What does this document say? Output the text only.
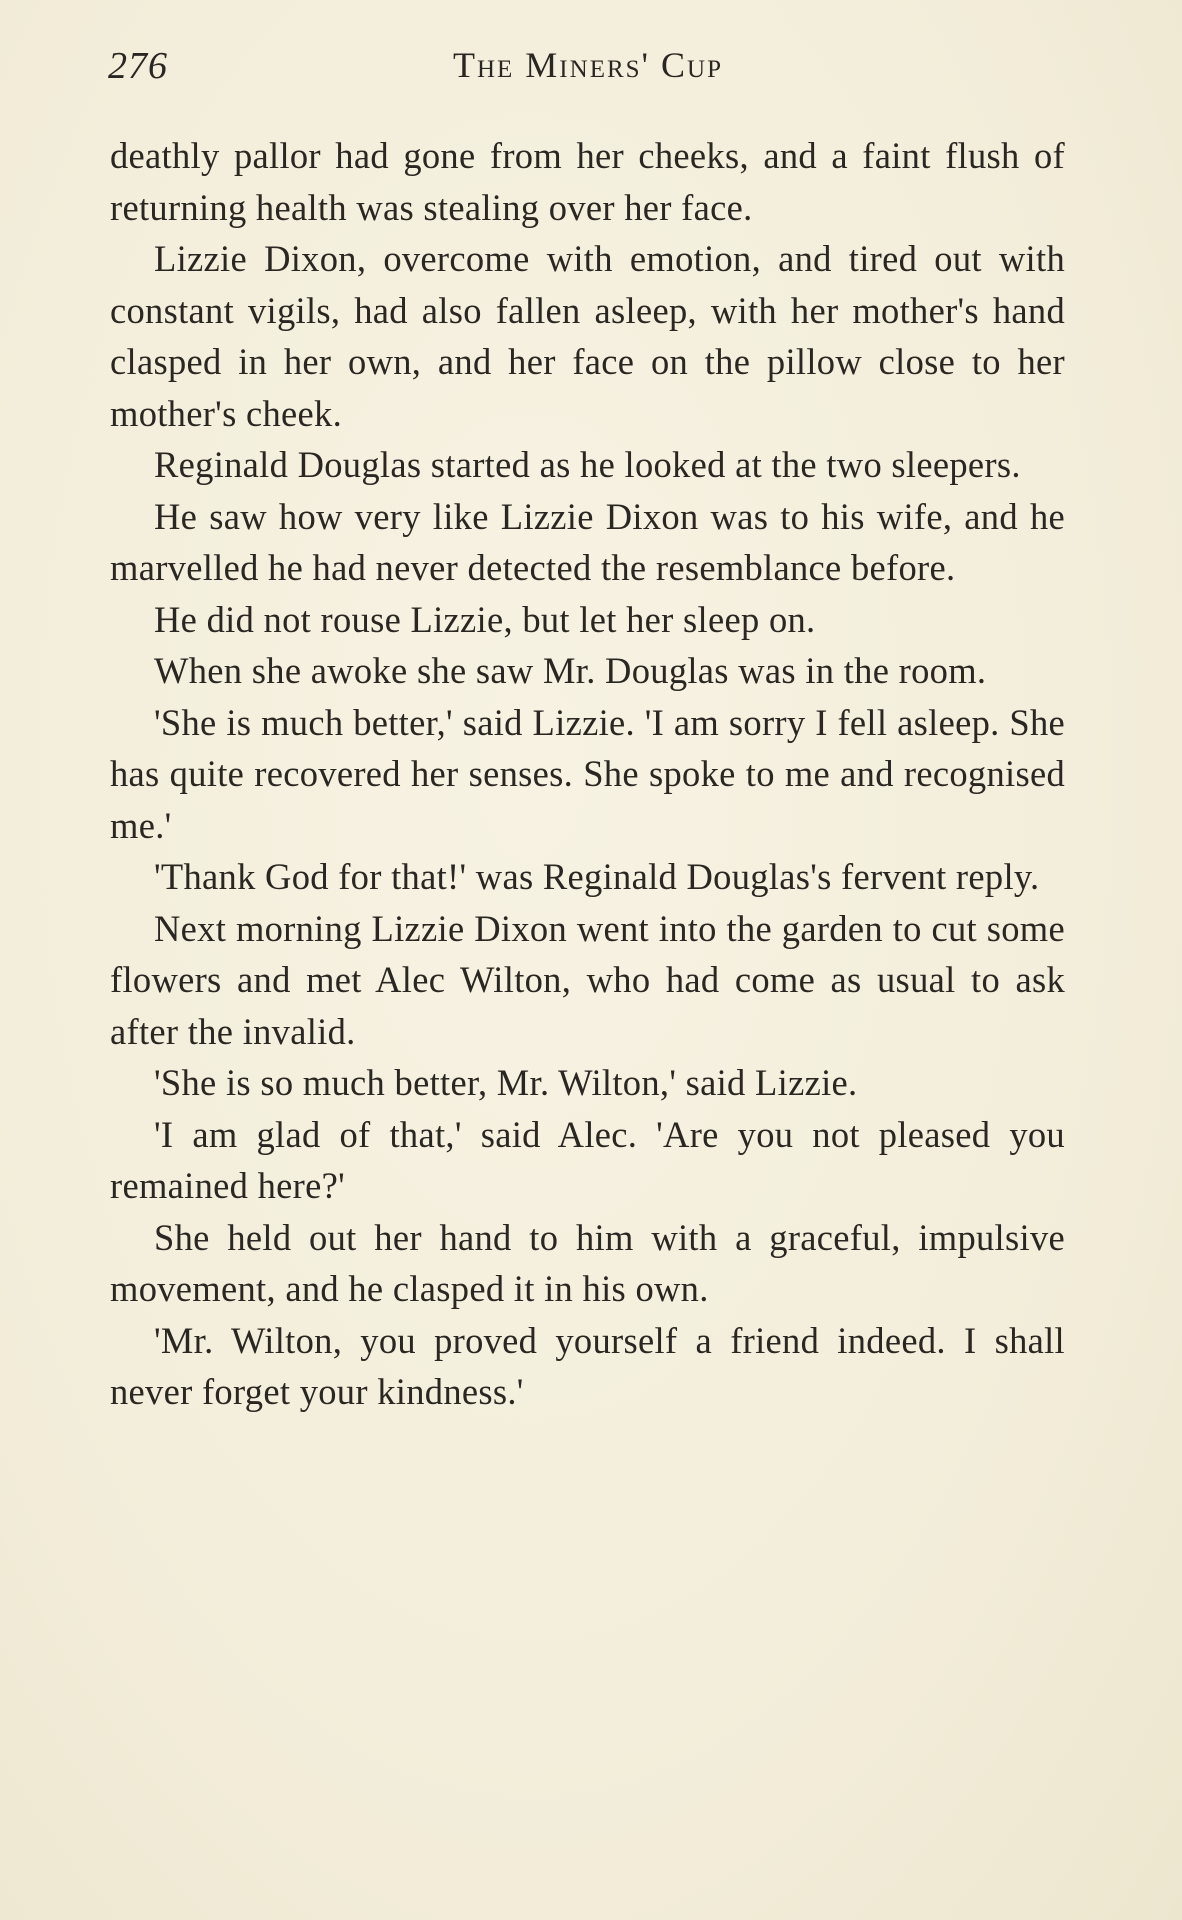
276	The Miners' Cup

deathly pallor had gone from her cheeks, and a faint flush of returning health was stealing over her face.

Lizzie Dixon, overcome with emotion, and tired out with constant vigils, had also fallen asleep, with her mother's hand clasped in her own, and her face on the pillow close to her mother's cheek.

Reginald Douglas started as he looked at the two sleepers.

He saw how very like Lizzie Dixon was to his wife, and he marvelled he had never detected the resemblance before.

He did not rouse Lizzie, but let her sleep on.

When she awoke she saw Mr. Douglas was in the room.

'She is much better,' said Lizzie. 'I am sorry I fell asleep. She has quite recovered her senses. She spoke to me and recognised me.'

'Thank God for that!' was Reginald Douglas's fervent reply.

Next morning Lizzie Dixon went into the garden to cut some flowers and met Alec Wilton, who had come as usual to ask after the invalid.

'She is so much better, Mr. Wilton,' said Lizzie.

'I am glad of that,' said Alec. 'Are you not pleased you remained here?'

She held out her hand to him with a graceful, impulsive movement, and he clasped it in his own.

'Mr. Wilton, you proved yourself a friend indeed. I shall never forget your kindness.'
